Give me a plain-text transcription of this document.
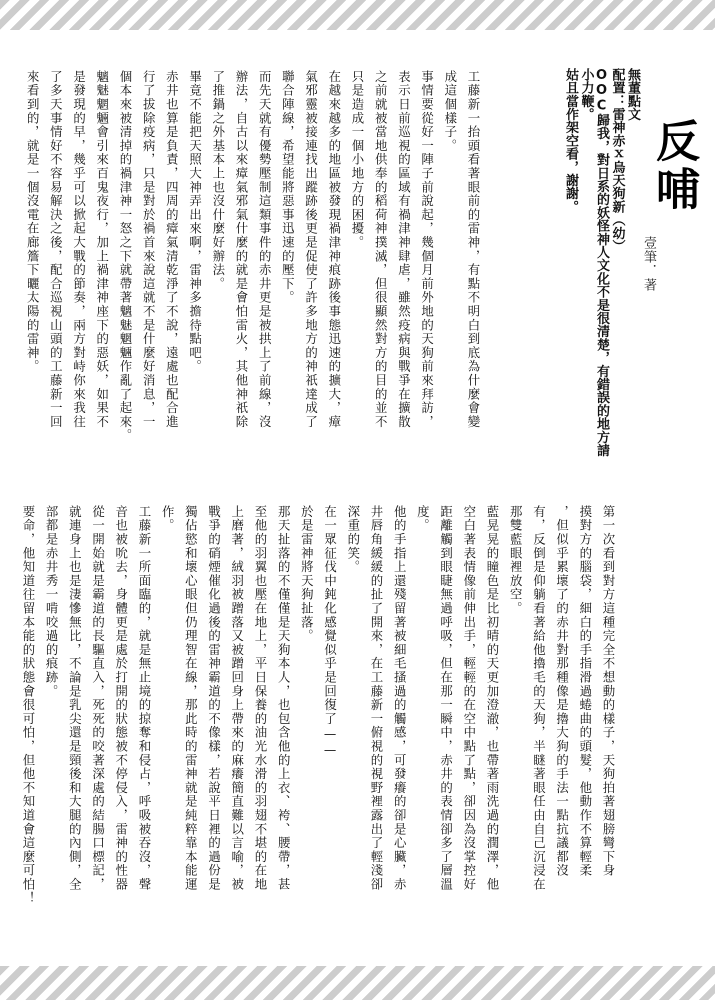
反哺
壹筆．著

無董點文

配置：雷神赤ｘ烏天狗新（幼）

OOC歸我，對日系的妖怪神人文化不是很清楚，有錯誤的地方請

小力鞭。

姑且當作架空看，謝謝。

工藤新一抬頭看著眼前的雷神，有點不明白到底為什麼會變

成這個樣子。

事情要從好一陣子前說起，幾個月前外地的天狗前來拜訪，

表示日前巡視的區域有禍津神肆虐，雖然疫病與戰爭在擴散

之前就被當地供奉的稻荷神撲滅，但很顯然對方的目的並不

只是造成一個小地方的困擾。

在越來越多的地區被發現禍津神痕跡後事態迅速的擴大，瘴

氣邪靈被接連找出蹤跡後更是促使了許多地方的神祇達成了

聯合陣線，希望能將惡事迅速的壓下。

而先天就有優勢壓制這類事件的赤井更是被拱上了前線，沒

辦法，自古以來瘴氣邪氣什麼的就是會怕雷火，其他神祇除

了推鍋之外基本上也沒什麼好辦法。

畢竟不能把天照大神弄出來啊，雷神多擔待點吧。

赤井也算是負責，四周的瘴氣清乾淨了不說，遠處也配合進

行了拔除疫病，只是對於禍首來說這就不是什麼好消息，一

個本來被清掉的禍津神一怒之下就帶著魑魅魍魎作亂了起來。

魑魅魍魎會引來百鬼夜行，加上禍津神座下的惡妖，如果不

是發現的早，幾乎可以掀起大戰的節奏，兩方對峙你來我往

了多天事情好不容易解決之後，配合巡視山頭的工藤新一回

來看到的，就是一個沒電在廊簷下曬太陽的雷神。

第一次看到對方這種完全不想動的樣子，天狗拍著翅膀彎下身

摸對方的腦袋，細白的手指滑過蜷曲的頭髮，他動作不算輕柔

，但似乎累壞了的赤井對那種像是擼大狗的手法一點抗議都沒

有，反倒是仰躺看著給他擼毛的天狗，半瞇著眼任由自己沉浸在

那雙藍眼裡放空。

藍晃晃的瞳色是比初晴的天更加澄澈，也帶著雨洗過的潤澤，他

空白著表情像前伸出手，輕輕的在空中點了點，卻因為沒掌控好

距離觸到眼睫無過呼吸，但在那一瞬中，赤井的表情卻多了層溫

度。

他的手指上還殘留著被細毛搔過的觸感，可發癢的卻是心臟，赤

井唇角緩緩的扯了開來，在工藤新一俯視的視野裡露出了輕淺卻

深重的笑。

在一眾征伐中鈍化感覺似乎是回復了——

於是雷神將天狗扯落。

那天扯落的不僅僅是天狗本人，也包含他的上衣、袴、腰帶，甚

至他的羽翼也壓在地上，平日保養的油光水滑的羽翅不堪的在地

上磨著，絨羽被蹭落又被蹭回身上帶來的麻癢簡直難以言喻，被

戰爭的硝煙催化過後的雷神霸道的不像樣，若說平日裡的過份是

獨佔慾和壞心眼但仍理智在線，那此時的雷神就是純粹靠本能運

作。

工藤新一所面臨的，就是無止境的掠奪和侵占，呼吸被吞沒，聲

音也被吮去，身體更是處於打開的狀態被不停侵入，雷神的性器

從一開始就是霸道的長驅直入，死死的咬著深處的結腸口標記，

就連身上也是淒慘無比，不論是乳尖還是頸後和大腿的內側，全

部都是赤井秀一啃咬過的痕跡。

要命，他知道往留本能的狀態會很可怕，但他不知道會這麼可怕！
